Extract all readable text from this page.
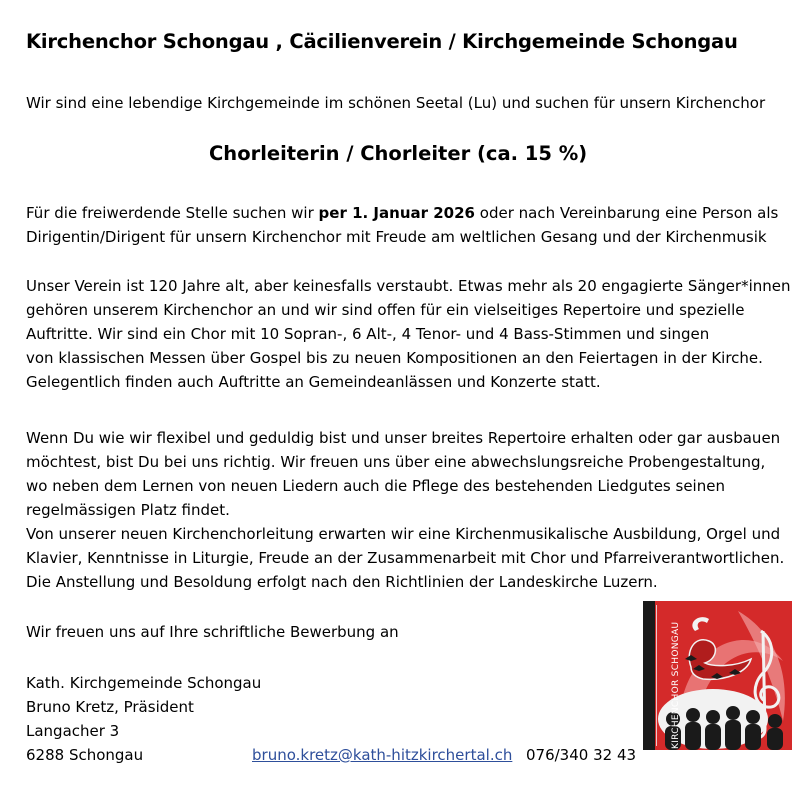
Kirchenchor Schongau , Cäcilienverein / Kirchgemeinde Schongau
Wir sind eine lebendige Kirchgemeinde im schönen Seetal (Lu) und suchen für unsern Kirchenchor
Chorleiterin / Chorleiter (ca. 15 %)

Für die freiwerdende Stelle suchen wir per 1. Januar 2026 oder nach Vereinbarung eine Person als

Dirigentin/Dirigent für unsern Kirchenchor mit Freude am weltlichen Gesang und der Kirchenmusik

Unser Verein ist 120 Jahre alt, aber keinesfalls verstaubt. Etwas mehr als 20 engagierte Sänger*innen

gehören unserem Kirchenchor an und wir sind offen für ein vielseitiges Repertoire und spezielle

Auftritte. Wir sind ein Chor mit 10 Sopran-, 6 Alt-, 4 Tenor- und 4 Bass-Stimmen und singen

von klassischen Messen über Gospel bis zu neuen Kompositionen an den Feiertagen in der Kirche.

Gelegentlich finden auch Auftritte an Gemeindeanlässen und Konzerte statt.

Wenn Du wie wir flexibel und geduldig bist und unser breites Repertoire erhalten oder gar ausbauen

möchtest, bist Du bei uns richtig. Wir freuen uns über eine abwechslungsreiche Probengestaltung,

wo neben dem Lernen von neuen Liedern auch die Pflege des bestehenden Liedgutes seinen

regelmässigen Platz findet.

Von unserer neuen Kirchenchorleitung erwarten wir eine Kirchenmusikalische Ausbildung, Orgel und

Klavier, Kenntnisse in Liturgie, Freude an der Zusammenarbeit mit Chor und Pfarreiverantwortlichen.

Die Anstellung und Besoldung erfolgt nach den Richtlinien der Landeskirche Luzern.

Wir freuen uns auf Ihre schriftliche Bewerbung an

Kath. Kirchgemeinde Schongau

Bruno Kretz, Präsident

Langacher 3

6288 Schongau	bruno.kretz@kath-hitzkirchertal.ch 076/340 32 43
KIRCHENCHOR SCHONGAU
